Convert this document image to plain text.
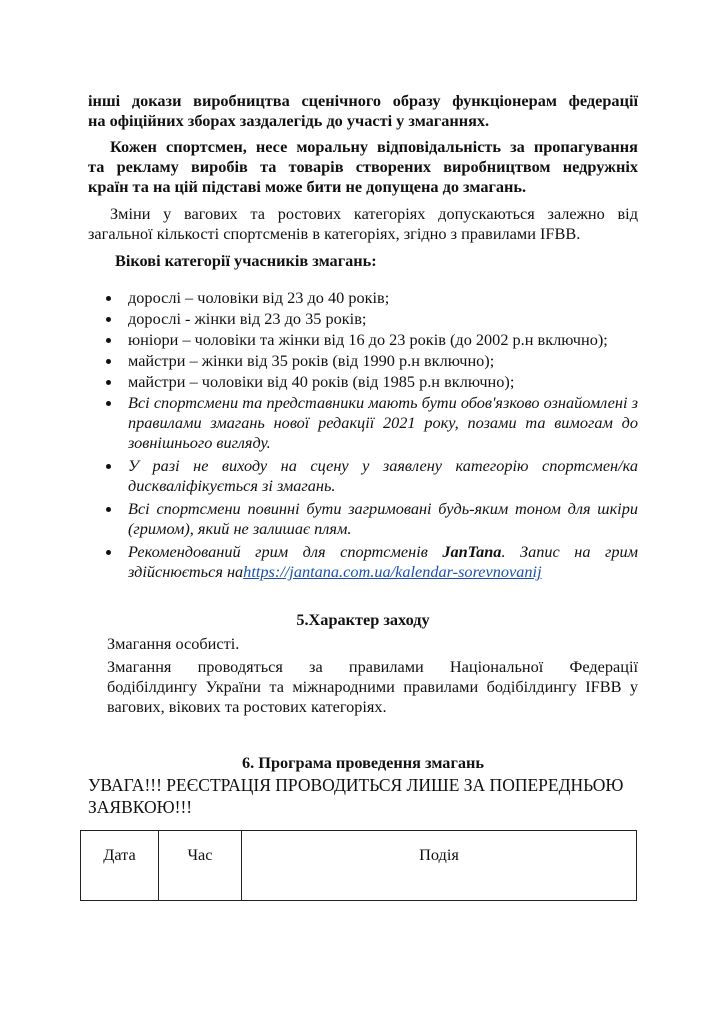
інші докази виробництва сценічного образу функціонерам федерації
на офіційних зборах заздалегідь до участі у змаганнях.
Кожен спортсмен, несе моральну відповідальність за пропагування
та рекламу виробів та товарів створених виробництвом недружніх
країн та на цій підставі може бити не допущена до змагань.
Зміни у вагових та ростових категоріях допускаються залежно від
загальної кількості спортсменів в категоріях, згідно з правилами IFBB.
Вікові категорії учасників змагань:
дорослі – чоловіки від 23 до 40 років;
дорослі - жінки від 23 до 35 років;
юніори – чоловіки та жінки від 16 до 23 років (до 2002 р.н включно);
майстри – жінки від 35 років (від 1990 р.н включно);
майстри – чоловіки від 40 років (від 1985 р.н включно);
Всі спортсмени та представники мають бути обов'язково ознайомлені з правилами змагань нової редакції 2021 року, позами та вимогам до зовнішнього вигляду.
У разі не виходу на сцену у заявлену категорію спортсмен/ка дискваліфікується зі змагань.
Всі спортсмени повинні бути загримовані будь-яким тоном для шкіри (гримом), який не залишає плям.
Рекомендований грим для спортсменів JanTana. Запис на грим здійснюється наhttps://jantana.com.ua/kalendar-sorevnovanij
5.Характер заходу
Змагання особисті.
Змагання проводяться за правилами Національної Федерації
бодібілдингу України та міжнародними правилами бодібілдингу IFBB у
вагових, вікових та ростових категоріях.
6. Програма проведення змагань
УВАГА!!! РЕЄСТРАЦІЯ ПРОВОДИТЬСЯ ЛИШЕ ЗА ПОПЕРЕДНЬОЮ
ЗАЯВКОЮ!!!
Дата	Час	Подія
